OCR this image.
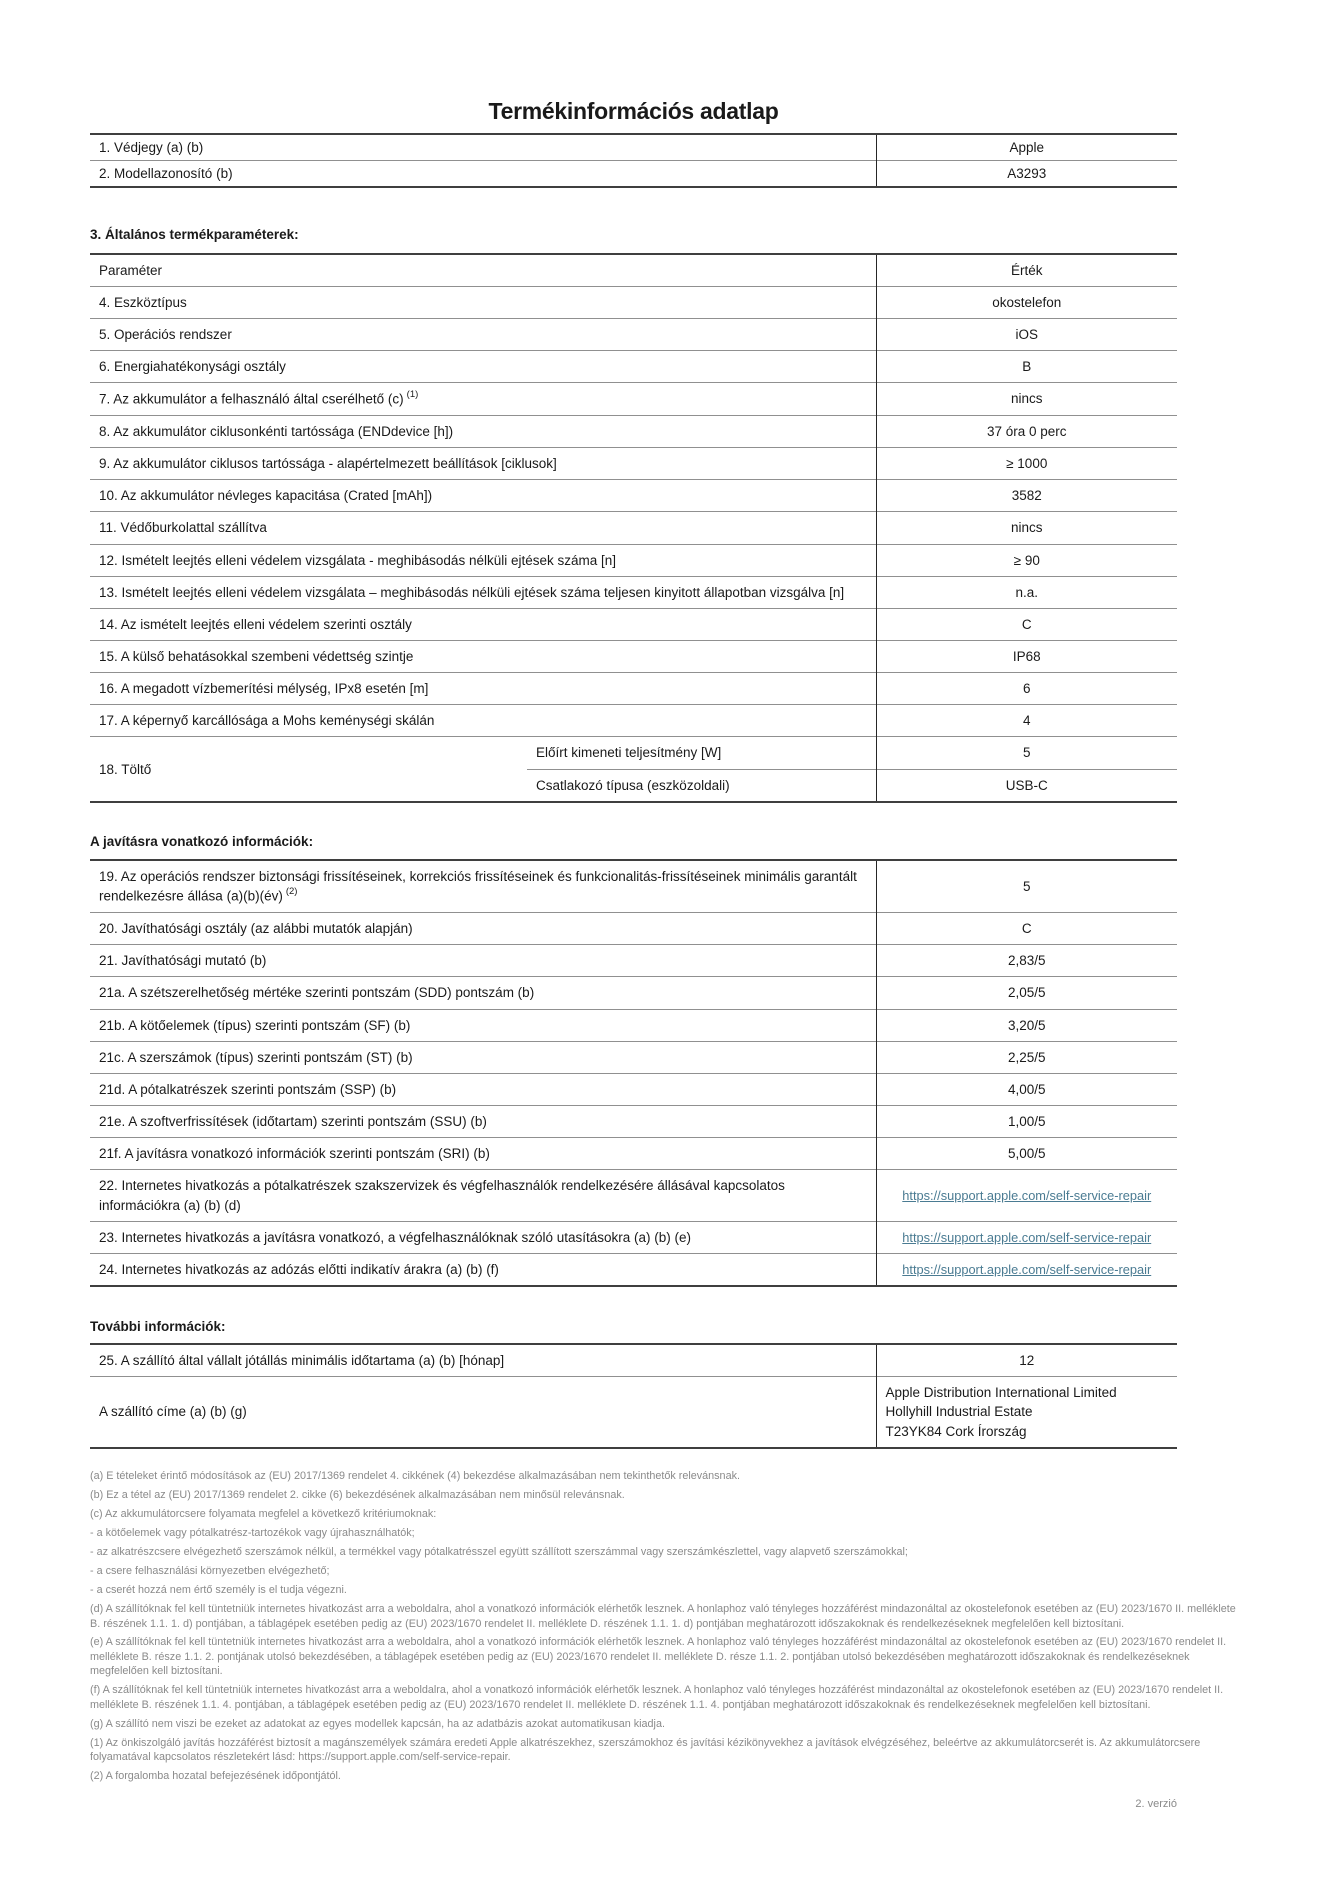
Termékinformációs adatlap
1. Védjegy (a) (b)	Apple
2. Modellazonosító (b)	A3293
3. Általános termékparaméterek:
Paraméter		Érték
4. Eszköztípus		okostelefon
5. Operációs rendszer		iOS
6. Energiahatékonysági osztály		B
7. Az akkumulátor a felhasználó által cserélhető (c) $^{(1)}$		nincs
8. Az akkumulátor ciklusonkénti tartóssága (ENDdevice [h])		37 óra 0 perc
9. Az akkumulátor ciklusos tartóssága - alapértelmezett beállítások [ciklusok]		≥ 1000
10. Az akkumulátor névleges kapacitása (Crated [mAh])		3582
11. Védőburkolattal szállítva		nincs
12. Ismételt leejtés elleni védelem vizsgálata - meghibásodás nélküli ejtések száma [n]		≥ 90
13. Ismételt leejtés elleni védelem vizsgálata – meghibásodás nélküli ejtések száma teljesen kinyitott állapotban vizsgálva [n]		n.a.
14. Az ismételt leejtés elleni védelem szerinti osztály		C
15. A külső behatásokkal szembeni védettség szintje		IP68
16. A megadott vízbemerítési mélység, IPx8 esetén [m]		6
17. A képernyő karcállósága a Mohs keménységi skálán		4
18. Töltő	Előírt kimeneti teljesítmény [W]	5
	Csatlakozó típusa (eszközoldali)	USB-C
A javításra vonatkozó információk:
19. Az operációs rendszer biztonsági frissítéseinek, korrekciós frissítéseinek és funkcionalitás-frissítéseinek minimális garantált rendelkezésre állása (a)(b)(év) $^{(2)}$	5
20. Javíthatósági osztály (az alábbi mutatók alapján)	C
21. Javíthatósági mutató (b)	2,83/5
21a. A szétszerelhetőség mértéke szerinti pontszám (SDD) pontszám (b)	2,05/5
21b. A kötőelemek (típus) szerinti pontszám (SF) (b)	3,20/5
21c. A szerszámok (típus) szerinti pontszám (ST) (b)	2,25/5
21d. A pótalkatrészek szerinti pontszám (SSP) (b)	4,00/5
21e. A szoftverfrissítések (időtartam) szerinti pontszám (SSU) (b)	1,00/5
21f. A javításra vonatkozó információk szerinti pontszám (SRI) (b)	5,00/5
22. Internetes hivatkozás a pótalkatrészek szakszervizek és végfelhasználók rendelkezésére állásával kapcsolatos információkra (a) (b) (d)	https://support.apple.com/self-service-repair
23. Internetes hivatkozás a javításra vonatkozó, a végfelhasználóknak szóló utasításokra (a) (b) (e)	https://support.apple.com/self-service-repair
24. Internetes hivatkozás az adózás előtti indikatív árakra (a) (b) (f)	https://support.apple.com/self-service-repair
További információk:
25. A szállító által vállalt jótállás minimális időtartama (a) (b) [hónap]	12
A szállító címe (a) (b) (g)	Apple Distribution International Limited
Hollyhill Industrial Estate
T23YK84 Cork Írország

(a) E tételeket érintő módosítások az (EU) 2017/1369 rendelet 4. cikkének (4) bekezdése alkalmazásában nem tekinthetők relevánsnak.

(b) Ez a tétel az (EU) 2017/1369 rendelet 2. cikke (6) bekezdésének alkalmazásában nem minősül relevánsnak.

(c) Az akkumulátorcsere folyamata megfelel a következő kritériumoknak:

- a kötőelemek vagy pótalkatrész-tartozékok vagy újrahasználhatók;

- az alkatrészcsere elvégezhető szerszámok nélkül, a termékkel vagy pótalkatrésszel együtt szállított szerszámmal vagy szerszámkészlettel, vagy alapvető szerszámokkal;

- a csere felhasználási környezetben elvégezhető;

- a cserét hozzá nem értő személy is el tudja végezni.

(d) A szállítóknak fel kell tüntetniük internetes hivatkozást arra a weboldalra, ahol a vonatkozó információk elérhetők lesznek. A honlaphoz való tényleges hozzáférést mindazonáltal az okostelefonok esetében az (EU) 2023/1670 II. melléklete B. részének 1.1. 1. d) pontjában, a táblagépek esetében pedig az (EU) 2023/1670 rendelet II. melléklete D. részének 1.1. 1. d) pontjában meghatározott időszakoknak és rendelkezéseknek megfelelően kell biztosítani.

(e) A szállítóknak fel kell tüntetniük internetes hivatkozást arra a weboldalra, ahol a vonatkozó információk elérhetők lesznek. A honlaphoz való tényleges hozzáférést mindazonáltal az okostelefonok esetében az (EU) 2023/1670 rendelet II. melléklete B. része 1.1. 2. pontjának utolsó bekezdésében, a táblagépek esetében pedig az (EU) 2023/1670 rendelet II. melléklete D. része 1.1. 2. pontjában utolsó bekezdésében meghatározott időszakoknak és rendelkezéseknek megfelelően kell biztosítani.

(f) A szállítóknak fel kell tüntetniük internetes hivatkozást arra a weboldalra, ahol a vonatkozó információk elérhetők lesznek. A honlaphoz való tényleges hozzáférést mindazonáltal az okostelefonok esetében az (EU) 2023/1670 rendelet II. melléklete B. részének 1.1. 4. pontjában, a táblagépek esetében pedig az (EU) 2023/1670 rendelet II. melléklete D. részének 1.1. 4. pontjában meghatározott időszakoknak és rendelkezéseknek megfelelően kell biztosítani.

(g) A szállító nem viszi be ezeket az adatokat az egyes modellek kapcsán, ha az adatbázis azokat automatikusan kiadja.

(1) Az önkiszolgáló javítás hozzáférést biztosít a magánszemélyek számára eredeti Apple alkatrészekhez, szerszámokhoz és javítási kézikönyvekhez a javítások elvégzéséhez, beleértve az akkumulátorcserét is. Az akkumulátorcsere folyamatával kapcsolatos részletekért lásd: https://support.apple.com/self-service-repair.

(2) A forgalomba hozatal befejezésének időpontjától.

2. verzió
